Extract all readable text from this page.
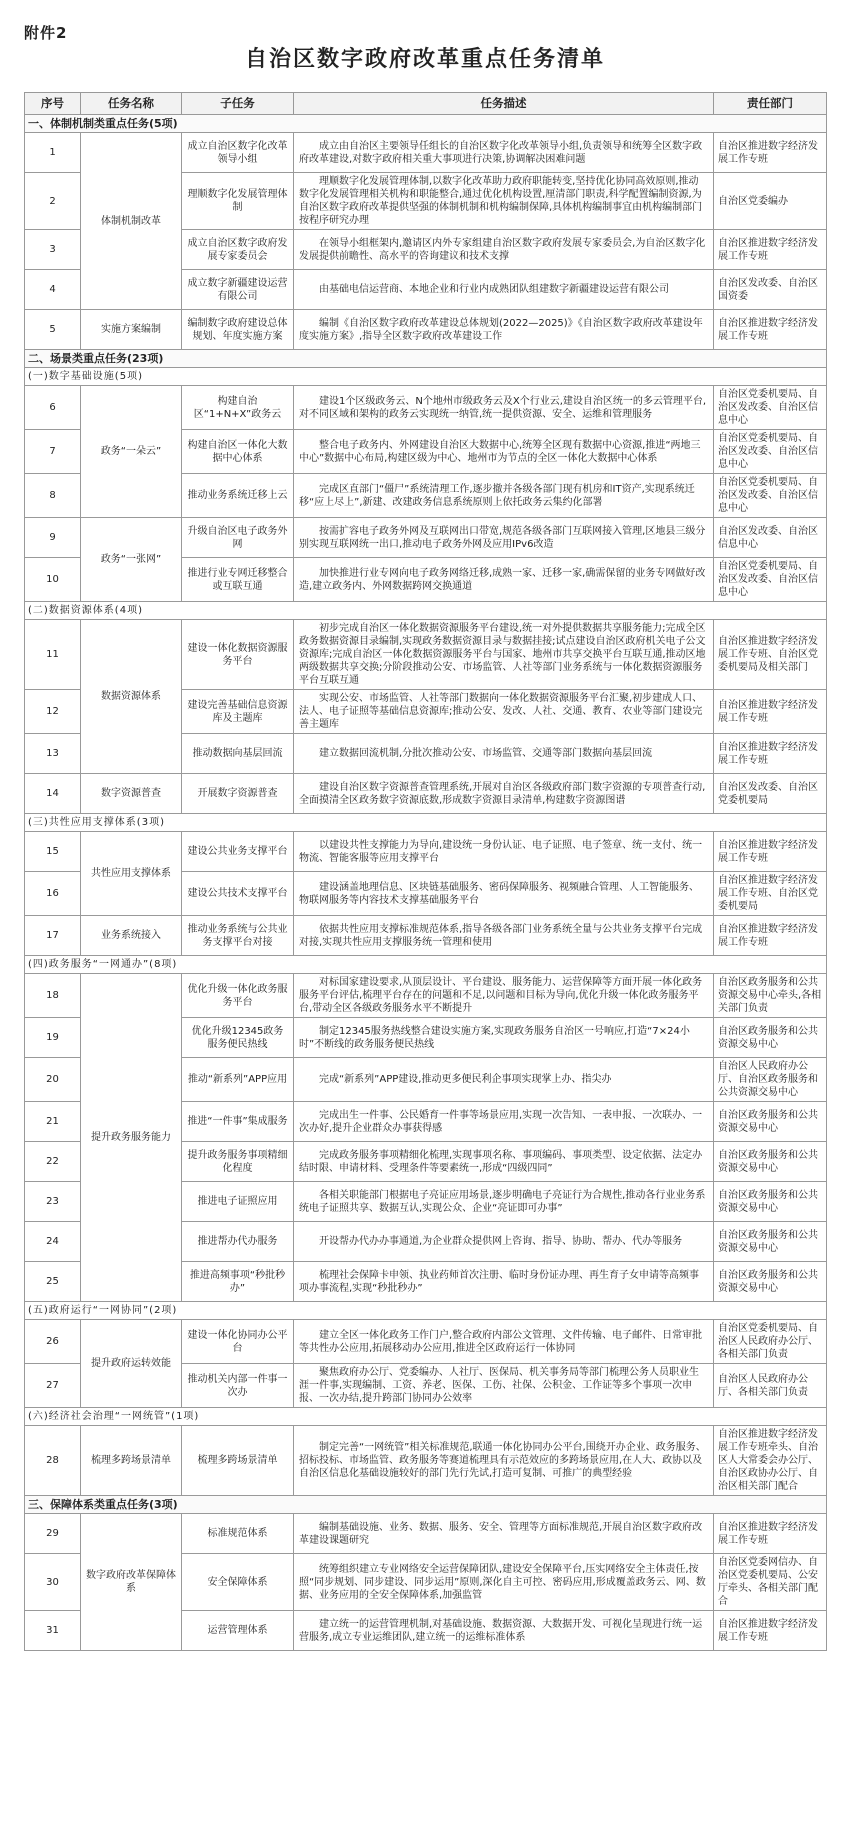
附件2
自治区数字政府改革重点任务清单
序号	任务名称	子任务	任务描述	责任部门
一、体制机制类重点任务(5项)				
1	体制机制改革	成立自治区数字化改革领导小组	成立由自治区主要领导任组长的自治区数字化改革领导小组,负责领导和统筹全区数字政府改革建设,对数字政府相关重大事项进行决策,协调解决困难问题	自治区推进数字经济发展工作专班
2		理顺数字化发展管理体制	理顺数字化发展管理体制,以数字化改革助力政府职能转变,坚持优化协同高效原则,推动数字化发展管理相关机构和职能整合,通过优化机构设置,厘清部门职责,科学配置编制资源,为自治区数字政府改革提供坚强的体制机制和机构编制保障,具体机构编制事宜由机构编制部门按程序研究办理	自治区党委编办
3		成立自治区数字政府发展专家委员会	在领导小组框架内,邀请区内外专家组建自治区数字政府发展专家委员会,为自治区数字化发展提供前瞻性、高水平的咨询建议和技术支撑	自治区推进数字经济发展工作专班
4		成立数字新疆建设运营有限公司	由基础电信运营商、本地企业和行业内成熟团队组建数字新疆建设运营有限公司	自治区发改委、自治区国资委
5	实施方案编制	编制数字政府建设总体规划、年度实施方案	编制《自治区数字政府改革建设总体规划(2022—2025)》《自治区数字政府改革建设年度实施方案》,指导全区数字政府改革建设工作	自治区推进数字经济发展工作专班
二、场景类重点任务(23项)				
(一)数字基础设施(5项)				
6	政务“一朵云”	构建自治区“1+N+X”政务云	建设1个区级政务云、N个地州市级政务云及X个行业云,建设自治区统一的多云管理平台,对不同区域和架构的政务云实现统一纳管,统一提供资源、安全、运维和管理服务	自治区党委机要局、自治区发改委、自治区信息中心
7		构建自治区一体化大数据中心体系	整合电子政务内、外网建设自治区大数据中心,统筹全区现有数据中心资源,推进“两地三中心”数据中心布局,构建区级为中心、地州市为节点的全区一体化大数据中心体系	自治区党委机要局、自治区发改委、自治区信息中心
8		推动业务系统迁移上云	完成区直部门“僵尸”系统清理工作,逐步撤并各级各部门现有机房和IT资产,实现系统迁移“应上尽上”,新建、改建政务信息系统原则上依托政务云集约化部署	自治区党委机要局、自治区发改委、自治区信息中心
9	政务“一张网”	升级自治区电子政务外网	按需扩容电子政务外网及互联网出口带宽,规范各级各部门互联网接入管理,区地县三级分别实现互联网统一出口,推动电子政务外网及应用IPv6改造	自治区发改委、自治区信息中心
10		推进行业专网迁移整合或互联互通	加快推进行业专网向电子政务网络迁移,成熟一家、迁移一家,确需保留的业务专网做好改造,建立政务内、外网数据跨网交换通道	自治区党委机要局、自治区发改委、自治区信息中心
(二)数据资源体系(4项)				
11	数据资源体系	建设一体化数据资源服务平台	初步完成自治区一体化数据资源服务平台建设,统一对外提供数据共享服务能力;完成全区政务数据资源目录编制,实现政务数据资源目录与数据挂接;试点建设自治区政府机关电子公文资源库;完成自治区一体化数据资源服务平台与国家、地州市共享交换平台互联互通,推动区地两级数据共享交换;分阶段推动公安、市场监管、人社等部门业务系统与一体化数据资源服务平台互联互通	自治区推进数字经济发展工作专班、自治区党委机要局及相关部门
12		建设完善基础信息资源库及主题库	实现公安、市场监管、人社等部门数据向一体化数据资源服务平台汇聚,初步建成人口、法人、电子证照等基础信息资源库;推动公安、发改、人社、交通、教育、农业等部门建设完善主题库	自治区推进数字经济发展工作专班
13		推动数据向基层回流	建立数据回流机制,分批次推动公安、市场监管、交通等部门数据向基层回流	自治区推进数字经济发展工作专班
14	数字资源普查	开展数字资源普查	建设自治区数字资源普查管理系统,开展对自治区各级政府部门数字资源的专项普查行动,全面摸清全区政务数字资源底数,形成数字资源目录清单,构建数字资源图谱	自治区发改委、自治区党委机要局
(三)共性应用支撑体系(3项)				
15	共性应用支撑体系	建设公共业务支撑平台	以建设共性支撑能力为导向,建设统一身份认证、电子证照、电子签章、统一支付、统一物流、智能客服等应用支撑平台	自治区推进数字经济发展工作专班
16		建设公共技术支撑平台	建设涵盖地理信息、区块链基础服务、密码保障服务、视频融合管理、人工智能服务、物联网服务等内容技术支撑基础服务平台	自治区推进数字经济发展工作专班、自治区党委机要局
17	业务系统接入	推动业务系统与公共业务支撑平台对接	依据共性应用支撑标准规范体系,指导各级各部门业务系统全量与公共业务支撑平台完成对接,实现共性应用支撑服务统一管理和使用	自治区推进数字经济发展工作专班
(四)政务服务“一网通办”(8项)				
18	提升政务服务能力	优化升级一体化政务服务平台	对标国家建设要求,从顶层设计、平台建设、服务能力、运营保障等方面开展一体化政务服务平台评估,梳理平台存在的问题和不足,以问题和目标为导向,优化升级一体化政务服务平台,带动全区各级政务服务水平不断提升	自治区政务服务和公共资源交易中心牵头,各相关部门负责
19		优化升级12345政务服务便民热线	制定12345服务热线整合建设实施方案,实现政务服务自治区一号响应,打造“7×24小时”不断线的政务服务便民热线	自治区政务服务和公共资源交易中心
20		推动“新系列”APP应用	完成“新系列”APP建设,推动更多便民利企事项实现掌上办、指尖办	自治区人民政府办公厅、自治区政务服务和公共资源交易中心
21		推进“一件事”集成服务	完成出生一件事、公民婚育一件事等场景应用,实现一次告知、一表申报、一次联办、一次办好,提升企业群众办事获得感	自治区政务服务和公共资源交易中心
22		提升政务服务事项精细化程度	完成政务服务事项精细化梳理,实现事项名称、事项编码、事项类型、设定依据、法定办结时限、申请材料、受理条件等要素统一,形成“四级四同”	自治区政务服务和公共资源交易中心
23		推进电子证照应用	各相关职能部门根据电子亮证应用场景,逐步明确电子亮证行为合规性,推动各行业业务系统电子证照共享、数据互认,实现公众、企业“亮证即可办事”	自治区政务服务和公共资源交易中心
24		推进帮办代办服务	开设帮办代办办事通道,为企业群众提供网上咨询、指导、协助、帮办、代办等服务	自治区政务服务和公共资源交易中心
25		推进高频事项“秒批秒办”	梳理社会保障卡申领、执业药师首次注册、临时身份证办理、再生育子女申请等高频事项办事流程,实现“秒批秒办”	自治区政务服务和公共资源交易中心
(五)政府运行“一网协同”(2项)				
26	提升政府运转效能	建设一体化协同办公平台	建立全区一体化政务工作门户,整合政府内部公文管理、文件传输、电子邮件、日常审批等共性办公应用,拓展移动办公应用,推进全区政府运行一体协同	自治区党委机要局、自治区人民政府办公厅、各相关部门负责
27		推动机关内部一件事一次办	聚焦政府办公厅、党委编办、人社厅、医保局、机关事务局等部门梳理公务人员职业生涯一件事,实现编制、工资、养老、医保、工伤、社保、公积金、工作证等多个事项一次申报、一次办结,提升跨部门协同办公效率	自治区人民政府办公厅、各相关部门负责
(六)经济社会治理“一网统管”(1项)				
28	梳理多跨场景清单	梳理多跨场景清单	制定完善“一网统管”相关标准规范,联通一体化协同办公平台,围绕开办企业、政务服务、招标投标、市场监管、政务服务等赛道梳理具有示范效应的多跨场景应用,在人大、政协以及自治区信息化基础设施较好的部门先行先试,打造可复制、可推广的典型经验	自治区推进数字经济发展工作专班牵头、自治区人大常委会办公厅、自治区政协办公厅、自治区相关部门配合
三、保障体系类重点任务(3项)				
29	数字政府改革保障体系	标准规范体系	编制基础设施、业务、数据、服务、安全、管理等方面标准规范,开展自治区数字政府改革建设课题研究	自治区推进数字经济发展工作专班
30		安全保障体系	统筹组织建立专业网络安全运营保障团队,建设安全保障平台,压实网络安全主体责任,按照“同步规划、同步建设、同步运用”原则,深化自主可控、密码应用,形成覆盖政务云、网、数据、业务应用的全安全保障体系,加强监管	自治区党委网信办、自治区党委机要局、公安厅牵头、各相关部门配合
31		运营管理体系	建立统一的运营管理机制,对基础设施、数据资源、大数据开发、可视化呈现进行统一运营服务,成立专业运维团队,建立统一的运维标准体系	自治区推进数字经济发展工作专班
